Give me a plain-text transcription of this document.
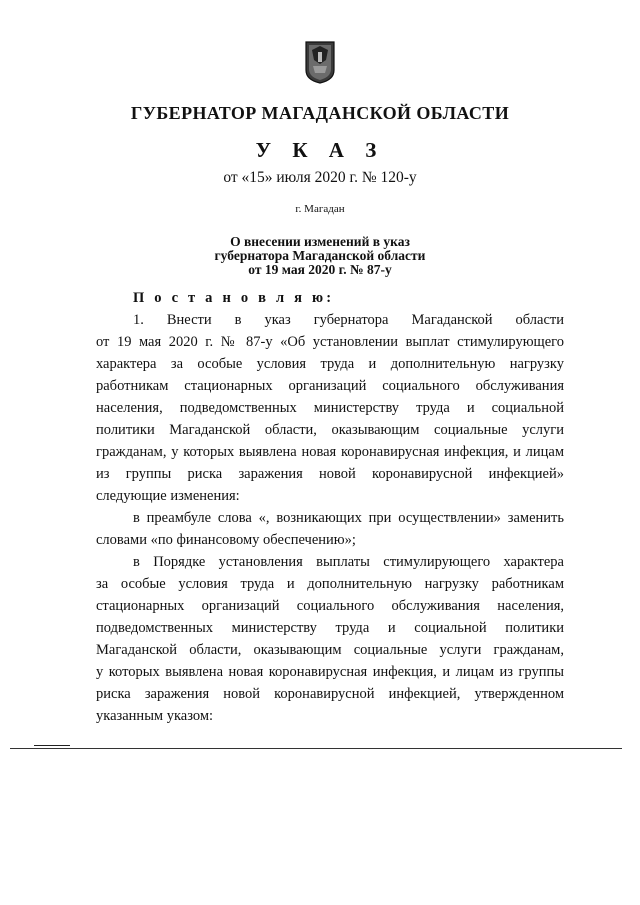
ГУБЕРНАТОР МАГАДАНСКОЙ ОБЛАСТИ
У К А З
от «15» июля 2020 г. № 120-у
г. Магадан
О внесении изменений в указ
губернатора Магаданской области
от 19 мая 2020 г. № 87-у
П о с т а н о в л я ю:

1.     Внести     в     указ     губернатора     Магаданской     области

от 19 мая 2020 г. № 87-у «Об установлении выплат стимулирующего

характера за особые условия труда и дополнительную нагрузку

работникам стационарных организаций социального обслуживания

населения, подведомственных министерству труда и социальной

политики Магаданской области, оказывающим социальные услуги

гражданам, у которых выявлена новая коронавирусная инфекция, и лицам

из группы риска заражения новой коронавирусной инфекцией»

следующие изменения:

в преамбуле слова «, возникающих при осуществлении» заменить

словами «по финансовому обеспечению»;

в Порядке установления выплаты стимулирующего характера

за особые условия труда и дополнительную нагрузку работникам

стационарных организаций социального обслуживания населения,

подведомственных министерству труда и социальной политики

Магаданской области, оказывающим социальные услуги гражданам,

у которых выявлена новая коронавирусная инфекция, и лицам из группы

риска заражения новой коронавирусной инфекцией, утвержденном

указанным указом:
